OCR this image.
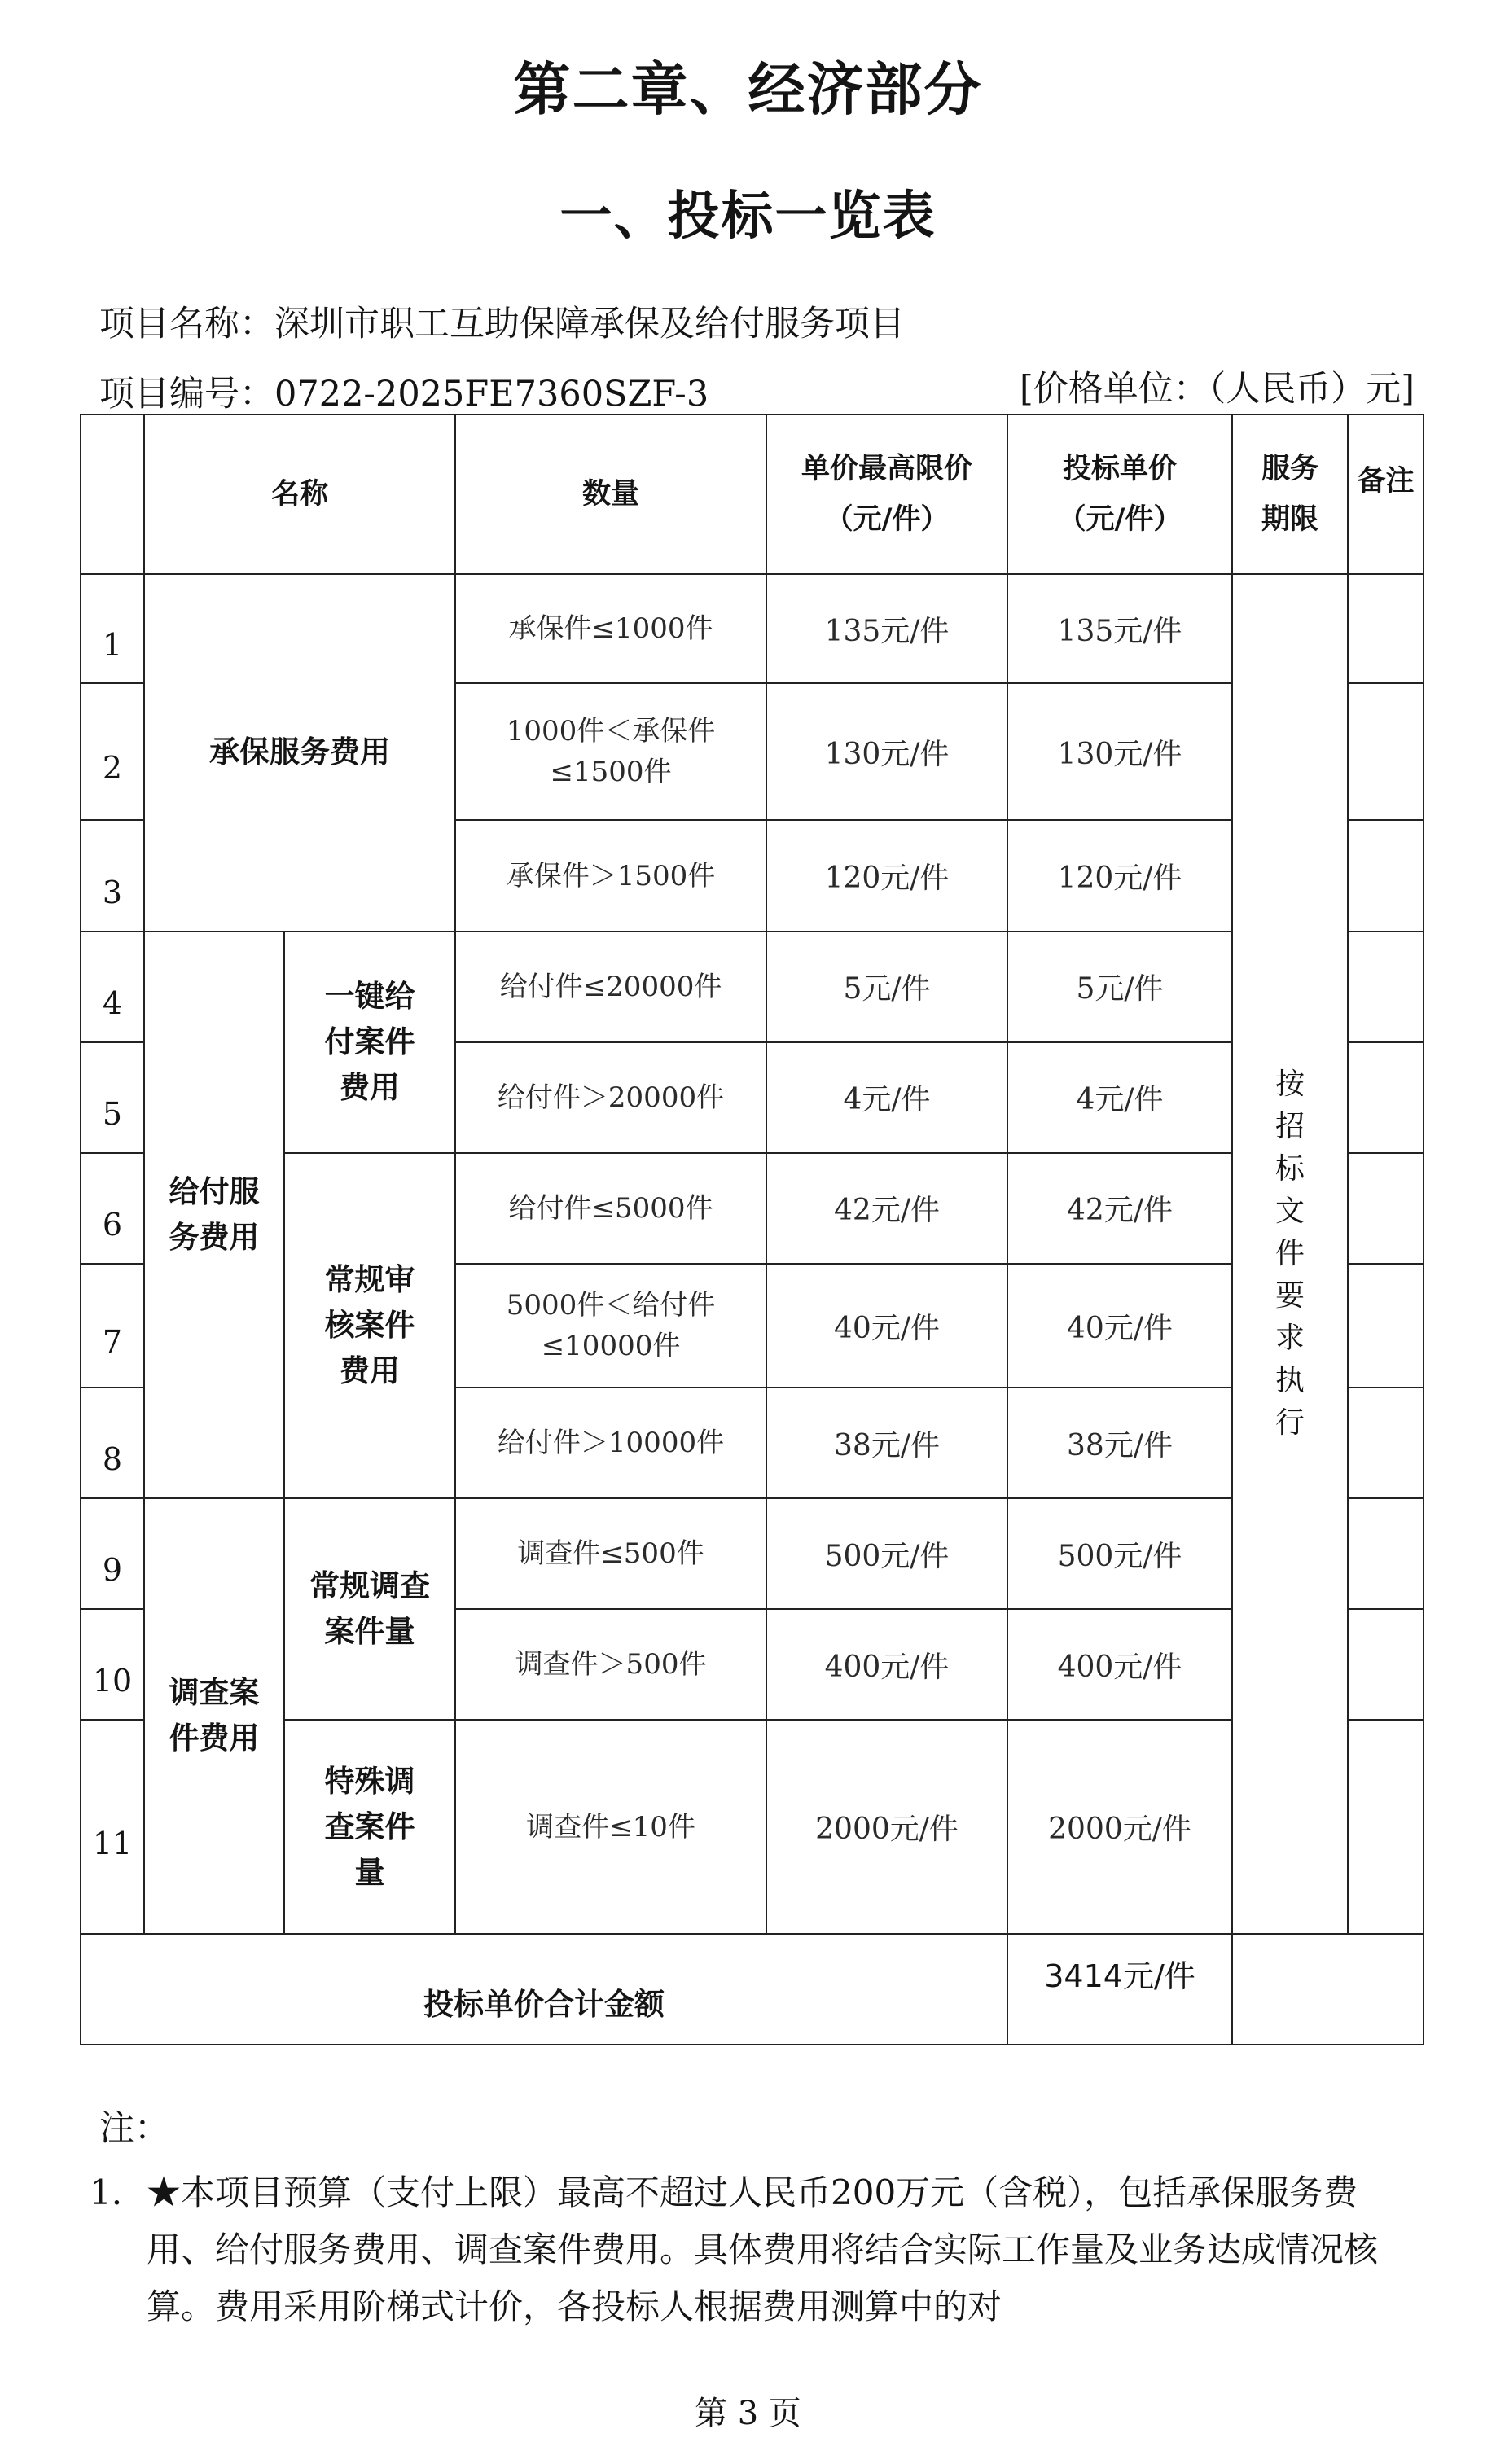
第二章、经济部分
一、投标一览表
项目名称：深圳市职工互助保障承保及给付服务项目
项目编号：0722-2025FE7360SZF-3	[价格单位：（人民币）元]
	名称		数量	单价最高限价（元/件）	投标单价（元/件）	服务期限	备注
1	承保服务费用		承保件≤1000件	135元/件	135元/件	按招标文件要求执行	
2			1000件＜承保件≤1500件	130元/件	130元/件		
3			承保件＞1500件	120元/件	120元/件		
4	给付服务费用	一键给付案件费用	给付件≤20000件	5元/件	5元/件		
5			给付件＞20000件	4元/件	4元/件		
6		常规审核案件费用	给付件≤5000件	42元/件	42元/件		
7			5000件＜给付件≤10000件	40元/件	40元/件		
8			给付件＞10000件	38元/件	38元/件		
9	调查案件费用	常规调查案件量	调查件≤500件	500元/件	500元/件		
10			调查件＞500件	400元/件	400元/件		
11		特殊调查案件量	调查件≤10件	2000元/件	2000元/件		
投标单价合计金额					3414元/件		
注：
1. ★本项目预算（支付上限）最高不超过人民币200万元（含税），包括承保服务费用、给付服务费用、调查案件费用。具体费用将结合实际工作量及业务达成情况核算。费用采用阶梯式计价，各投标人根据费用测算中的对
第 3 页
